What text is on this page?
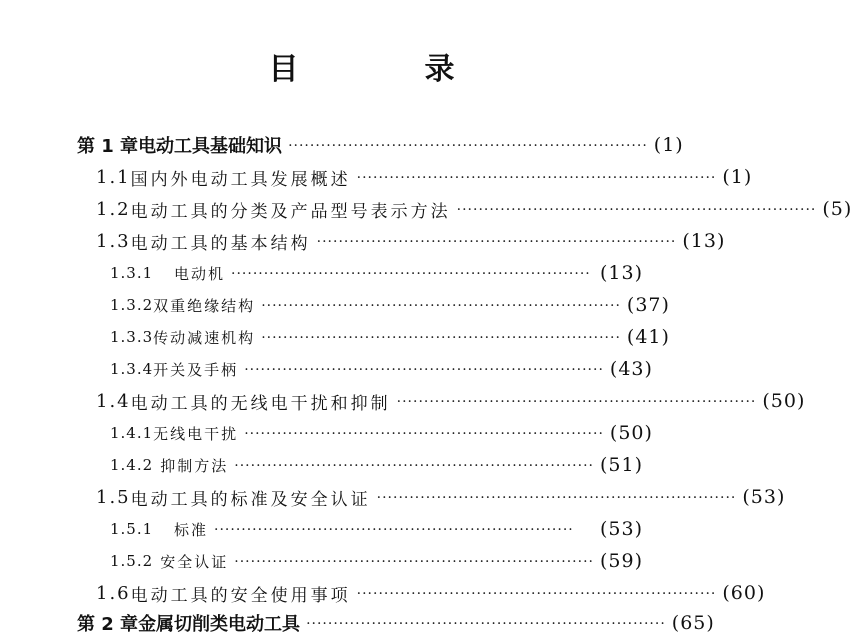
目　录
第 1 章 电动工具基础知识 ·································································· (1)
1.1 国内外电动工具发展概述 ·································································· (1)
1.2 电动工具的分类及产品型号表示方法 ·································································· (5)
1.3 电动工具的基本结构 ·································································· (13)
1.3.1	电动机 ·································································· (13)
1.3.2 双重绝缘结构 ·································································· (37)
1.3.3 传动减速机构 ·································································· (41)
1.3.4 开关及手柄 ·································································· (43)
1.4 电动工具的无线电干扰和抑制 ·································································· (50)
1.4.1 无线电干扰 ·································································· (50)
1.4.2 抑制方法 ·································································· (51)
1.5 电动工具的标准及安全认证 ·································································· (53)
1.5.1	标准 ··································································	(53)
1.5.2 安全认证 ·································································· (59)
1.6 电动工具的安全使用事项 ·································································· (60)
第 2 章 金属切削类电动工具 ·································································· (65)
